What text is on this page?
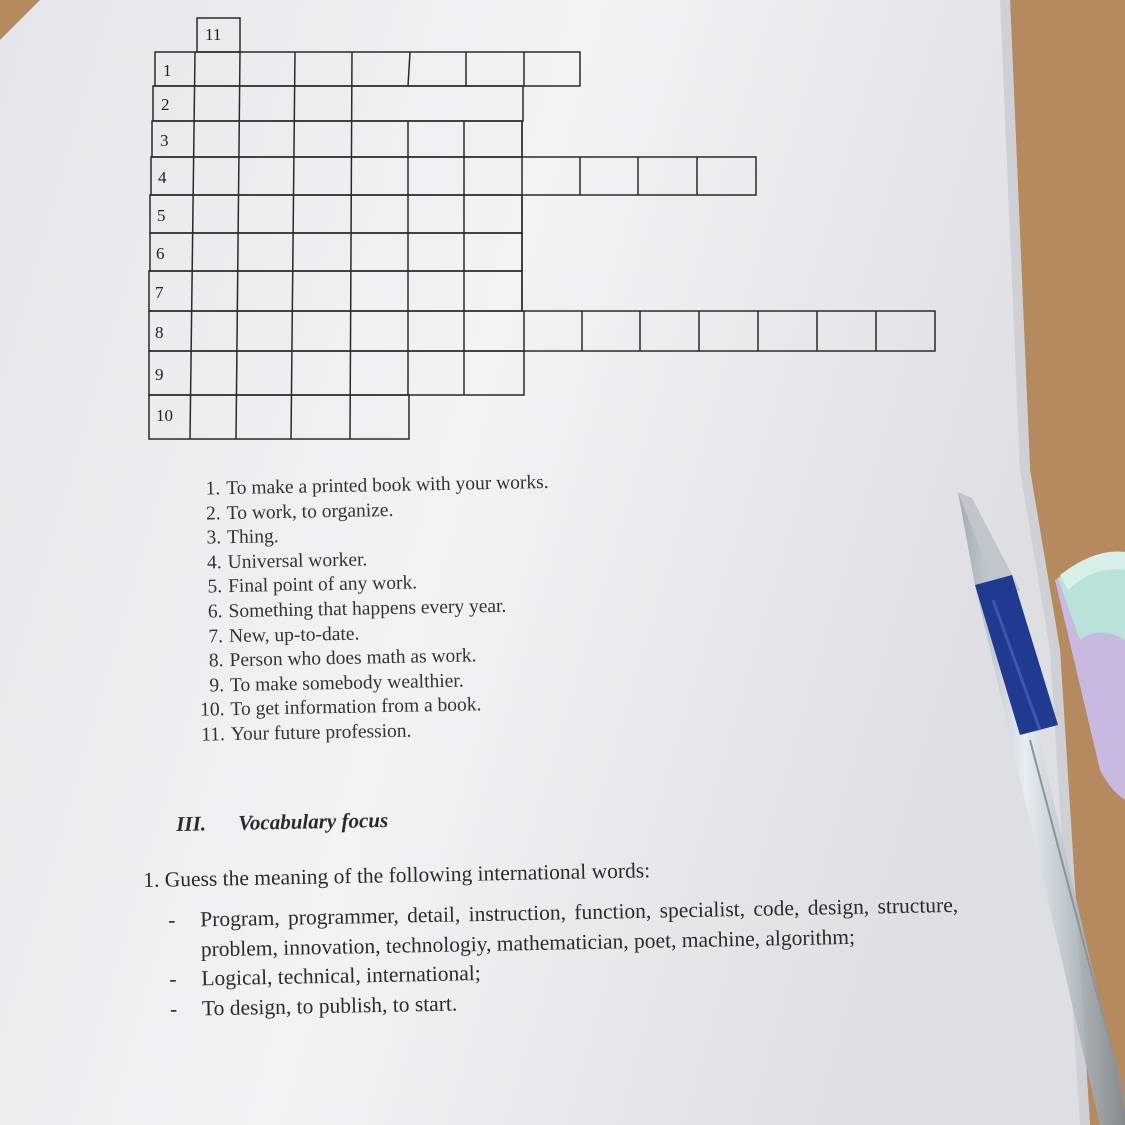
11
1
2
3
4
5
6
7
8
9
10
1. To make a printed book with your works.
2. To work, to organize.
3. Thing.
4. Universal worker.
5. Final point of any work.
6. Something that happens every year.
7. New, up-to-date.
8. Person who does math as work.
9. To make somebody wealthier.
10. To get information from a book.
11. Your future profession.
III. Vocabulary focus
1. Guess the meaning of the following international words:
- Program, programmer, detail, instruction, function, specialist, code, design, structure, problem, innovation, technologiy, mathematician, poet, machine, algorithm;
- Logical, technical, international;
- To design, to publish, to start.
